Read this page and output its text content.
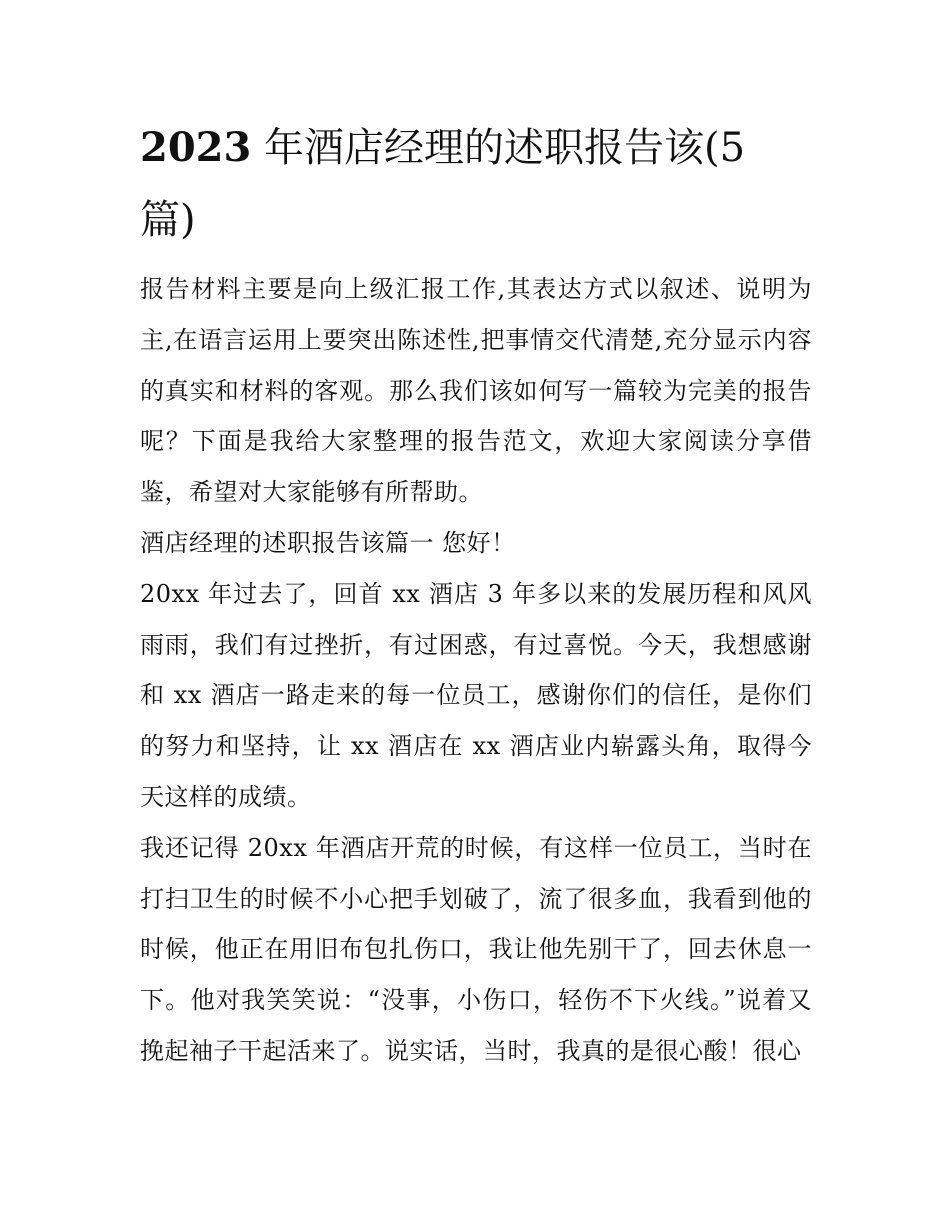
2023 年酒店经理的述职报告该(5 篇)

报告材料主要是向上级汇报工作,其表达方式以叙述、说明为主,在语言运用上要突出陈述性,把事情交代清楚,充分显示内容的真实和材料的客观。那么我们该如何写一篇较为完美的报告呢？下面是我给大家整理的报告范文，欢迎大家阅读分享借鉴，希望对大家能够有所帮助。

酒店经理的述职报告该篇一 您好！

20xx 年过去了，回首 xx 酒店 3 年多以来的发展历程和风风雨雨，我们有过挫折，有过困惑，有过喜悦。今天，我想感谢和 xx 酒店一路走来的每一位员工，感谢你们的信任，是你们的努力和坚持，让 xx 酒店在 xx 酒店业内崭露头角，取得今天这样的成绩。

我还记得 20xx 年酒店开荒的时候，有这样一位员工，当时在打扫卫生的时候不小心把手划破了，流了很多血，我看到他的时候，他正在用旧布包扎伤口，我让他先别干了，回去休息一下。他对我笑笑说：“没事，小伤口，轻伤不下火线。”说着又挽起袖子干起活来了。说实话，当时，我真的是很心酸！很心
